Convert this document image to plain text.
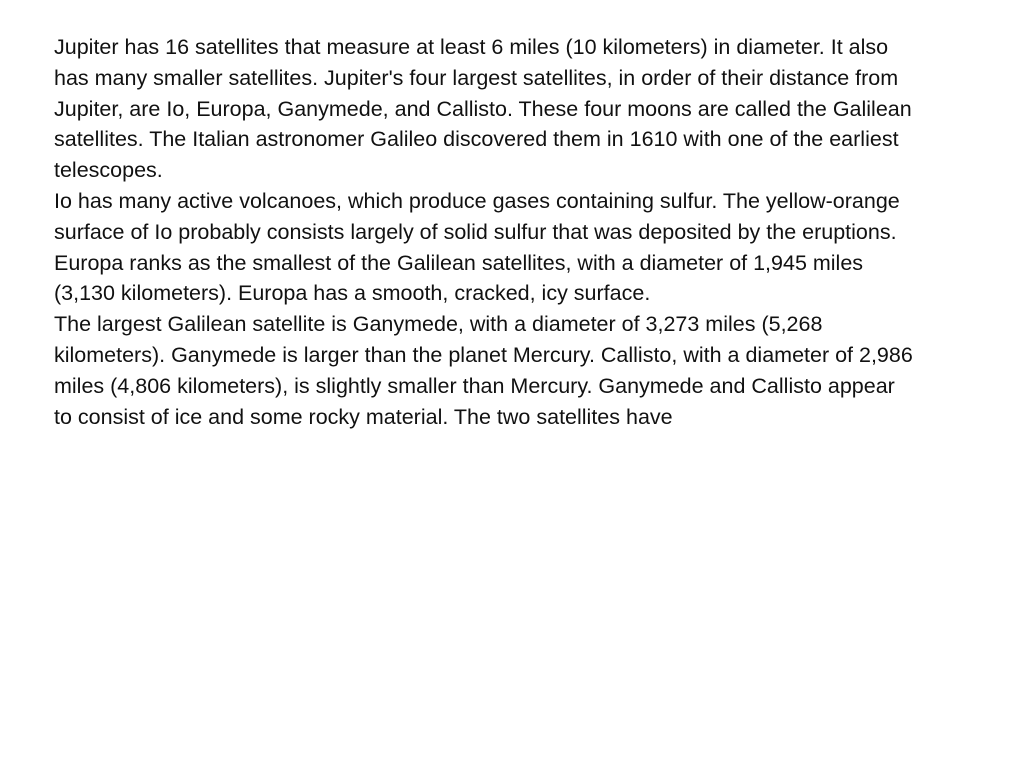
Jupiter has 16 satellites that measure at least 6 miles (10 kilometers) in diameter. It also has many smaller satellites. Jupiter's four largest satellites, in order of their distance from Jupiter, are Io, Europa, Ganymede, and Callisto. These four moons are called the Galilean satellites. The Italian astronomer Galileo discovered them in 1610 with one of the earliest telescopes.

Io has many active volcanoes, which produce gases containing sulfur. The yellow-orange surface of Io probably consists largely of solid sulfur that was deposited by the eruptions. Europa ranks as the smallest of the Galilean satellites, with a diameter of 1,945 miles (3,130 kilometers). Europa has a smooth, cracked, icy surface.

The largest Galilean satellite is Ganymede, with a diameter of 3,273 miles (5,268 kilometers). Ganymede is larger than the planet Mercury. Callisto, with a diameter of 2,986 miles (4,806 kilometers), is slightly smaller than Mercury. Ganymede and Callisto appear to consist of ice and some rocky material. The two satellites have
